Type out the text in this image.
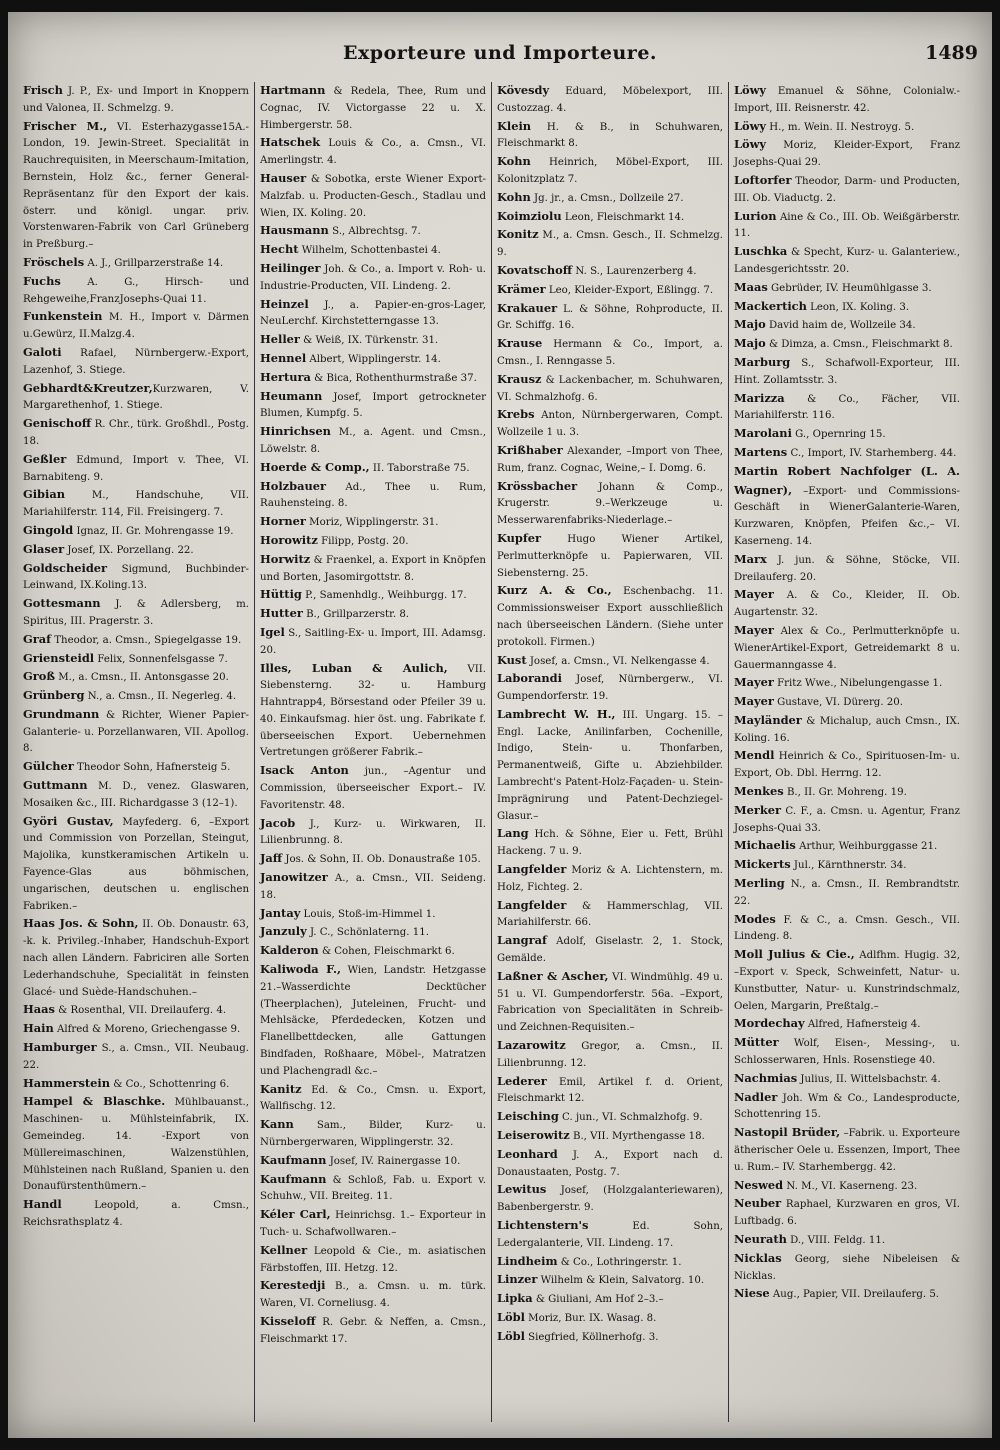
Exporteure und Importeure.	1489

Frisch J. P., Ex- und Import in Knoppern und Valonea, II. Schmelzg. 9.

Frischer M., VI. Esterhazygasse15A.-London, 19. Jewin-Street. Specialität in Rauchrequisiten, in Meerschaum-Imitation, Bernstein, Holz &c., ferner General-Repräsentanz für den Export der kais. österr. und königl. ungar. priv. Vorstenwaren-Fabrik von Carl Grüneberg in Preßburg.–

Fröschels A. J., Grillparzerstraße 14.

Fuchs A. G., Hirsch- und Rehgeweihe,FranzJosephs-Quai 11.

Funkenstein M. H., Import v. Därmen u.Gewürz, II.Malzg.4.

Galoti Rafael, Nürnbergerw.-Export, Lazenhof, 3. Stiege.

Gebhardt&Kreutzer,Kurzwaren, V. Margarethenhof, 1. Stiege.

Genischoff R. Chr., türk. Großhdl., Postg. 18.

Geßler Edmund, Import v. Thee, VI. Barnabiteng. 9.

Gibian M., Handschuhe, VII. Mariahilferstr. 114, Fil. Freisingerg. 7.

Gingold Ignaz, II. Gr. Mohrengasse 19.

Glaser Josef, IX. Porzellang. 22.

Goldscheider Sigmund, Buchbinder-Leinwand, IX.Koling.13.

Gottesmann J. & Adlersberg, m. Spiritus, III. Pragerstr. 3.

Graf Theodor, a. Cmsn., Spiegelgasse 19.

Griensteidl Felix, Sonnenfelsgasse 7.

Groß M., a. Cmsn., II. Antonsgasse 20.

Grünberg N., a. Cmsn., II. Negerleg. 4.

Grundmann & Richter, Wiener Papier-Galanterie- u. Porzellanwaren, VII. Apollog. 8.

Gülcher Theodor Sohn, Hafnersteig 5.

Guttmann M. D., venez. Glaswaren, Mosaiken &c., III. Richardgasse 3 (12–1).

Györi Gustav, Mayfederg. 6, –Export und Commission von Porzellan, Steingut, Majolika, kunstkeramischen Artikeln u. Fayence-Glas aus böhmischen, ungarischen, deutschen u. englischen Fabriken.–

Haas Jos. & Sohn, II. Ob. Donaustr. 63, -k. k. Privileg.-Inhaber, Handschuh-Export nach allen Ländern. Fabriciren alle Sorten Lederhandschuhe, Specialität in feinsten Glacé- und Suède-Handschuhen.–

Haas & Rosenthal, VII. Dreilauferg. 4.

Hain Alfred & Moreno, Griechengasse 9.

Hamburger S., a. Cmsn., VII. Neubaug. 22.

Hammerstein & Co., Schottenring 6.

Hampel & Blaschke. Mühlbauanst., Maschinen- u. Mühlsteinfabrik, IX. Gemeindeg. 14. -Export von Müllereimaschinen, Walzenstühlen, Mühlsteinen nach Rußland, Spanien u. den Donaufürstenthümern.–

Handl Leopold, a. Cmsn., Reichsrathsplatz 4.

Hartmann & Redela, Thee, Rum und Cognac, IV. Victorgasse 22 u. X. Himbergerstr. 58.

Hatschek Louis & Co., a. Cmsn., VI. Amerlingstr. 4.

Hauser & Sobotka, erste Wiener Export-Malzfab. u. Producten-Gesch., Stadlau und Wien, IX. Koling. 20.

Hausmann S., Albrechtsg. 7.

Hecht Wilhelm, Schottenbastei 4.

Heilinger Joh. & Co., a. Import v. Roh- u. Industrie-Producten, VII. Lindeng. 2.

Heinzel J., a. Papier-en-gros-Lager, NeuLerchf. Kirchstetterngasse 13.

Heller & Weiß, IX. Türkenstr. 31.

Hennel Albert, Wipplingerstr. 14.

Hertura & Bica, Rothenthurmstraße 37.

Heumann Josef, Import getrockneter Blumen, Kumpfg. 5.

Hinrichsen M., a. Agent. und Cmsn., Löwelstr. 8.

Hoerde & Comp., II. Taborstraße 75.

Holzbauer Ad., Thee u. Rum, Rauhensteing. 8.

Horner Moriz, Wipplingerstr. 31.

Horowitz Filipp, Postg. 20.

Horwitz & Fraenkel, a. Export in Knöpfen und Borten, Jasomirgottstr. 8.

Hüttig P., Samenhdlg., Weihburgg. 17.

Hutter B., Grillparzerstr. 8.

Igel S., Saitling-Ex- u. Import, III. Adamsg. 20.

Illes, Luban & Aulich, VII. Siebensterng. 32- u. Hamburg Hahntrapp4, Börsestand oder Pfeiler 39 u. 40. Einkaufsmag. hier öst. ung. Fabrikate f. überseeischen Export. Uebernehmen Vertretungen größerer Fabrik.–

Isack Anton jun., –Agentur und Commission, überseeischer Export.– IV. Favoritenstr. 48.

Jacob J., Kurz- u. Wirkwaren, II. Lilienbrunng. 8.

Jaff Jos. & Sohn, II. Ob. Donaustraße 105.

Janowitzer A., a. Cmsn., VII. Seideng. 18.

Jantay Louis, Stoß-im-Himmel 1.

Janzuly J. C., Schönlaterng. 11.

Kalderon & Cohen, Fleischmarkt 6.

Kaliwoda F., Wien, Landstr. Hetzgasse 21.–Wasserdichte Decktücher (Theerplachen), Juteleinen, Frucht- und Mehlsäcke, Pferdedecken, Kotzen und Flanellbettdecken, alle Gattungen Bindfaden, Roßhaare, Möbel-, Matratzen und Plachengradl &c.–

Kanitz Ed. & Co., Cmsn. u. Export, Wallfischg. 12.

Kann Sam., Bilder, Kurz- u. Nürnbergerwaren, Wipplingerstr. 32.

Kaufmann Josef, IV. Rainergasse 10.

Kaufmann & Schloß, Fab. u. Export v. Schuhw., VII. Breiteg. 11.

Kéler Carl, Heinrichsg. 1.– Exporteur in Tuch- u. Schafwollwaren.–

Kellner Leopold & Cie., m. asiatischen Färbstoffen, III. Hetzg. 12.

Kerestedji B., a. Cmsn. u. m. türk. Waren, VI. Corneliusg. 4.

Kisseloff R. Gebr. & Neffen, a. Cmsn., Fleischmarkt 17.

Kövesdy Eduard, Möbelexport, III. Custozzag. 4.

Klein H. & B., in Schuhwaren, Fleischmarkt 8.

Kohn Heinrich, Möbel-Export, III. Kolonitzplatz 7.

Kohn Jg. jr., a. Cmsn., Dollzeile 27.

Koimziolu Leon, Fleischmarkt 14.

Konitz M., a. Cmsn. Gesch., II. Schmelzg. 9.

Kovatschoff N. S., Laurenzerberg 4.

Krämer Leo, Kleider-Export, Eßlingg. 7.

Krakauer L. & Söhne, Rohproducte, II. Gr. Schiffg. 16.

Krause Hermann & Co., Import, a. Cmsn., I. Renngasse 5.

Krausz & Lackenbacher, m. Schuhwaren, VI. Schmalzhofg. 6.

Krebs Anton, Nürnbergerwaren, Compt. Wollzeile 1 u. 3.

Krißhaber Alexander, –Import von Thee, Rum, franz. Cognac, Weine,– I. Domg. 6.

Krössbacher Johann & Comp., Krugerstr. 9.–Werkzeuge u. Messerwarenfabriks-Niederlage.–

Kupfer Hugo Wiener Artikel, Perlmutterknöpfe u. Papierwaren, VII. Siebensterng. 25.

Kurz A. & Co., Eschenbachg. 11. Commissionsweiser Export ausschließlich nach überseeischen Ländern. (Siehe unter protokoll. Firmen.)

Kust Josef, a. Cmsn., VI. Nelkengasse 4.

Laborandi Josef, Nürnbergerw., VI. Gumpendorferstr. 19.

Lambrecht W. H., III. Ungarg. 15. –Engl. Lacke, Anilinfarben, Cochenille, Indigo, Stein- u. Thonfarben, Permanentweiß, Gifte u. Abziehbilder. Lambrecht's Patent-Holz-Façaden- u. Stein-Imprägnirung und Patent-Dechziegel-Glasur.–

Lang Hch. & Söhne, Eier u. Fett, Brühl Hackeng. 7 u. 9.

Langfelder Moriz & A. Lichtenstern, m. Holz, Fichteg. 2.

Langfelder & Hammerschlag, VII. Mariahilferstr. 66.

Langraf Adolf, Giselastr. 2, 1. Stock, Gemälde.

Laßner & Ascher, VI. Windmühlg. 49 u. 51 u. VI. Gumpendorferstr. 56a. –Export, Fabrication von Specialitäten in Schreib- und Zeichnen-Requisiten.–

Lazarowitz Gregor, a. Cmsn., II. Lilienbrunng. 12.

Lederer Emil, Artikel f. d. Orient, Fleischmarkt 12.

Leisching C. jun., VI. Schmalzhofg. 9.

Leiserowitz B., VII. Myrthengasse 18.

Leonhard J. A., Export nach d. Donaustaaten, Postg. 7.

Lewitus Josef, (Holzgalanteriewaren), Babenbergerstr. 9.

Lichtenstern's Ed. Sohn, Ledergalanterie, VII. Lindeng. 17.

Lindheim & Co., Lothringerstr. 1.

Linzer Wilhelm & Klein, Salvatorg. 10.

Lipka & Giuliani, Am Hof 2–3.–

Löbl Moriz, Bur. IX. Wasag. 8.

Löbl Siegfried, Köllnerhofg. 3.

Löwy Emanuel & Söhne, Colonialw.-Import, III. Reisnerstr. 42.

Löwy H., m. Wein. II. Nestroyg. 5.

Löwy Moriz, Kleider-Export, Franz Josephs-Quai 29.

Loftorfer Theodor, Darm- und Producten, III. Ob. Viaductg. 2.

Lurion Aine & Co., III. Ob. Weißgärberstr. 11.

Luschka & Specht, Kurz- u. Galanteriew., Landesgerichtsstr. 20.

Maas Gebrüder, IV. Heumühlgasse 3.

Mackertich Leon, IX. Koling. 3.

Majo David haim de, Wollzeile 34.

Majo & Dimza, a. Cmsn., Fleischmarkt 8.

Marburg S., Schafwoll-Exporteur, III. Hint. Zollamtsstr. 3.

Marizza & Co., Fächer, VII. Mariahilferstr. 116.

Marolani G., Opernring 15.

Martens C., Import, IV. Starhemberg. 44.

Martin Robert Nachfolger (L. A. Wagner), –Export- und Commissions-Geschäft in WienerGalanterie-Waren, Kurzwaren, Knöpfen, Pfeifen &c.,– VI. Kaserneng. 14.

Marx J. jun. & Söhne, Stöcke, VII. Dreilauferg. 20.

Mayer A. & Co., Kleider, II. Ob. Augartenstr. 32.

Mayer Alex & Co., Perlmutterknöpfe u. WienerArtikel-Export, Getreidemarkt 8 u. Gauermanngasse 4.

Mayer Fritz Wwe., Nibelungengasse 1.

Mayer Gustave, VI. Dürerg. 20.

Mayländer & Michalup, auch Cmsn., IX. Koling. 16.

Mendl Heinrich & Co., Spirituosen-Im- u. Export, Ob. Dbl. Herrng. 12.

Menkes B., II. Gr. Mohreng. 19.

Merker C. F., a. Cmsn. u. Agentur, Franz Josephs-Quai 33.

Michaelis Arthur, Weihburggasse 21.

Mickerts Jul., Kärnthnerstr. 34.

Merling N., a. Cmsn., II. Rembrandtstr. 22.

Modes F. & C., a. Cmsn. Gesch., VII. Lindeng. 8.

Moll Julius & Cie., Adlfhm. Hugig. 32, –Export v. Speck, Schweinfett, Natur- u. Kunstbutter, Natur- u. Kunstrindschmalz, Oelen, Margarin, Preßtalg.–

Mordechay Alfred, Hafnersteig 4.

Mütter Wolf, Eisen-, Messing-, u. Schlosserwaren, Hnls. Rosenstiege 40.

Nachmias Julius, II. Wittelsbachstr. 4.

Nadler Joh. Wm & Co., Landesproducte, Schottenring 15.

Nastopil Brüder, –Fabrik. u. Exporteure ätherischer Oele u. Essenzen, Import, Thee u. Rum.– IV. Starhembergg. 42.

Neswed N. M., VI. Kaserneng. 23.

Neuber Raphael, Kurzwaren en gros, VI. Luftbadg. 6.

Neurath D., VIII. Feldg. 11.

Nicklas Georg, siehe Nibeleisen & Nicklas.

Niese Aug., Papier, VII. Dreilauferg. 5.
